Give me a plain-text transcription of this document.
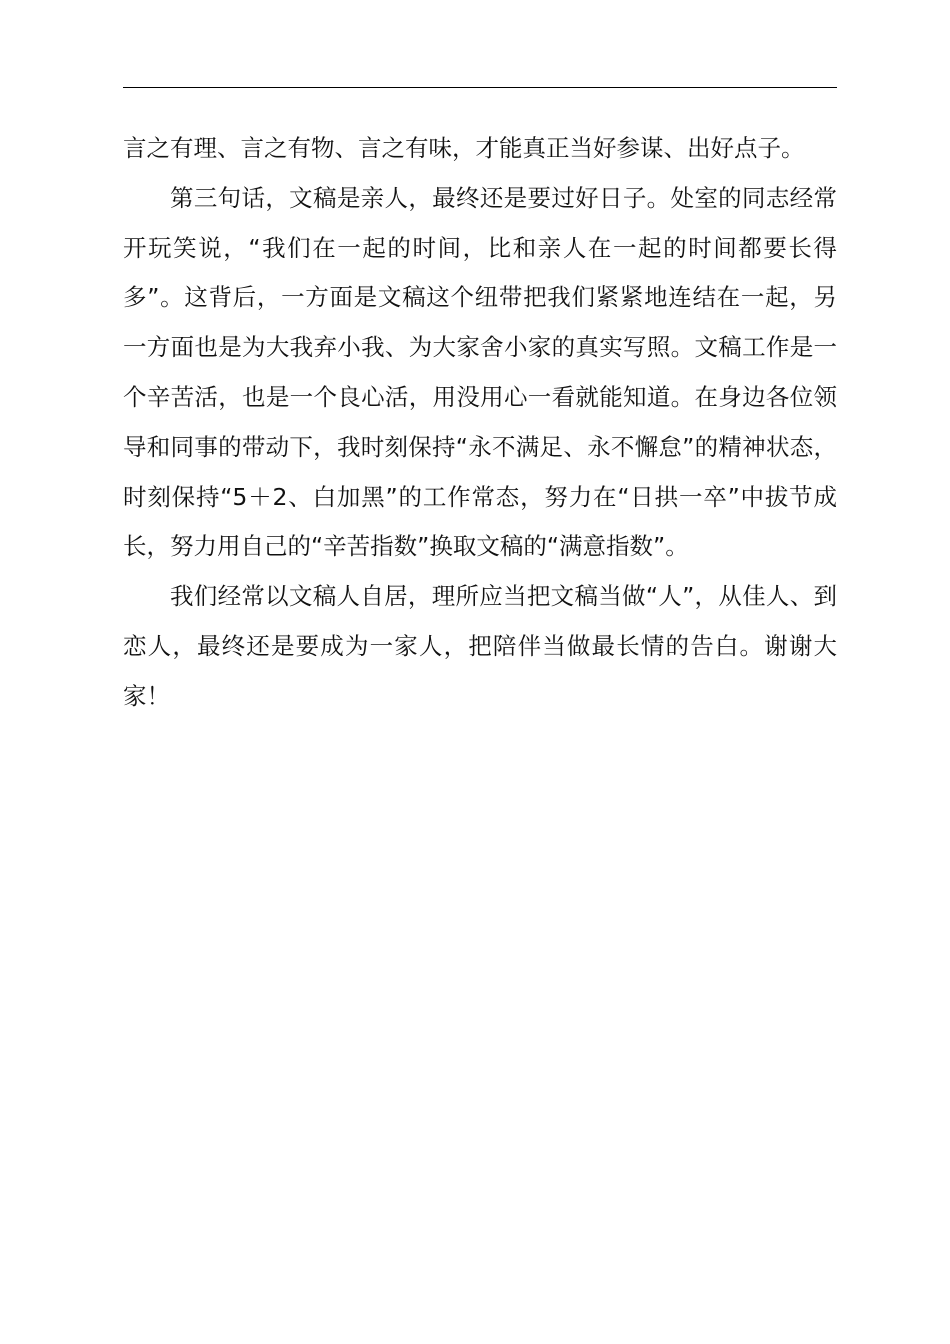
言之有理、言之有物、言之有味，才能真正当好参谋、出好点子。

第三句话，文稿是亲人，最终还是要过好日子。处室的同志经常开玩笑说，“我们在一起的时间，比和亲人在一起的时间都要长得多”。这背后，一方面是文稿这个纽带把我们紧紧地连结在一起，另一方面也是为大我弃小我、为大家舍小家的真实写照。文稿工作是一个辛苦活，也是一个良心活，用没用心一看就能知道。在身边各位领导和同事的带动下，我时刻保持“永不满足、永不懈怠”的精神状态，时刻保持“5＋2、白加黑”的工作常态，努力在“日拱一卒”中拔节成长，努力用自己的“辛苦指数”换取文稿的“满意指数”。

我们经常以文稿人自居，理所应当把文稿当做“人”，从佳人、到恋人，最终还是要成为一家人，把陪伴当做最长情的告白。谢谢大家！
